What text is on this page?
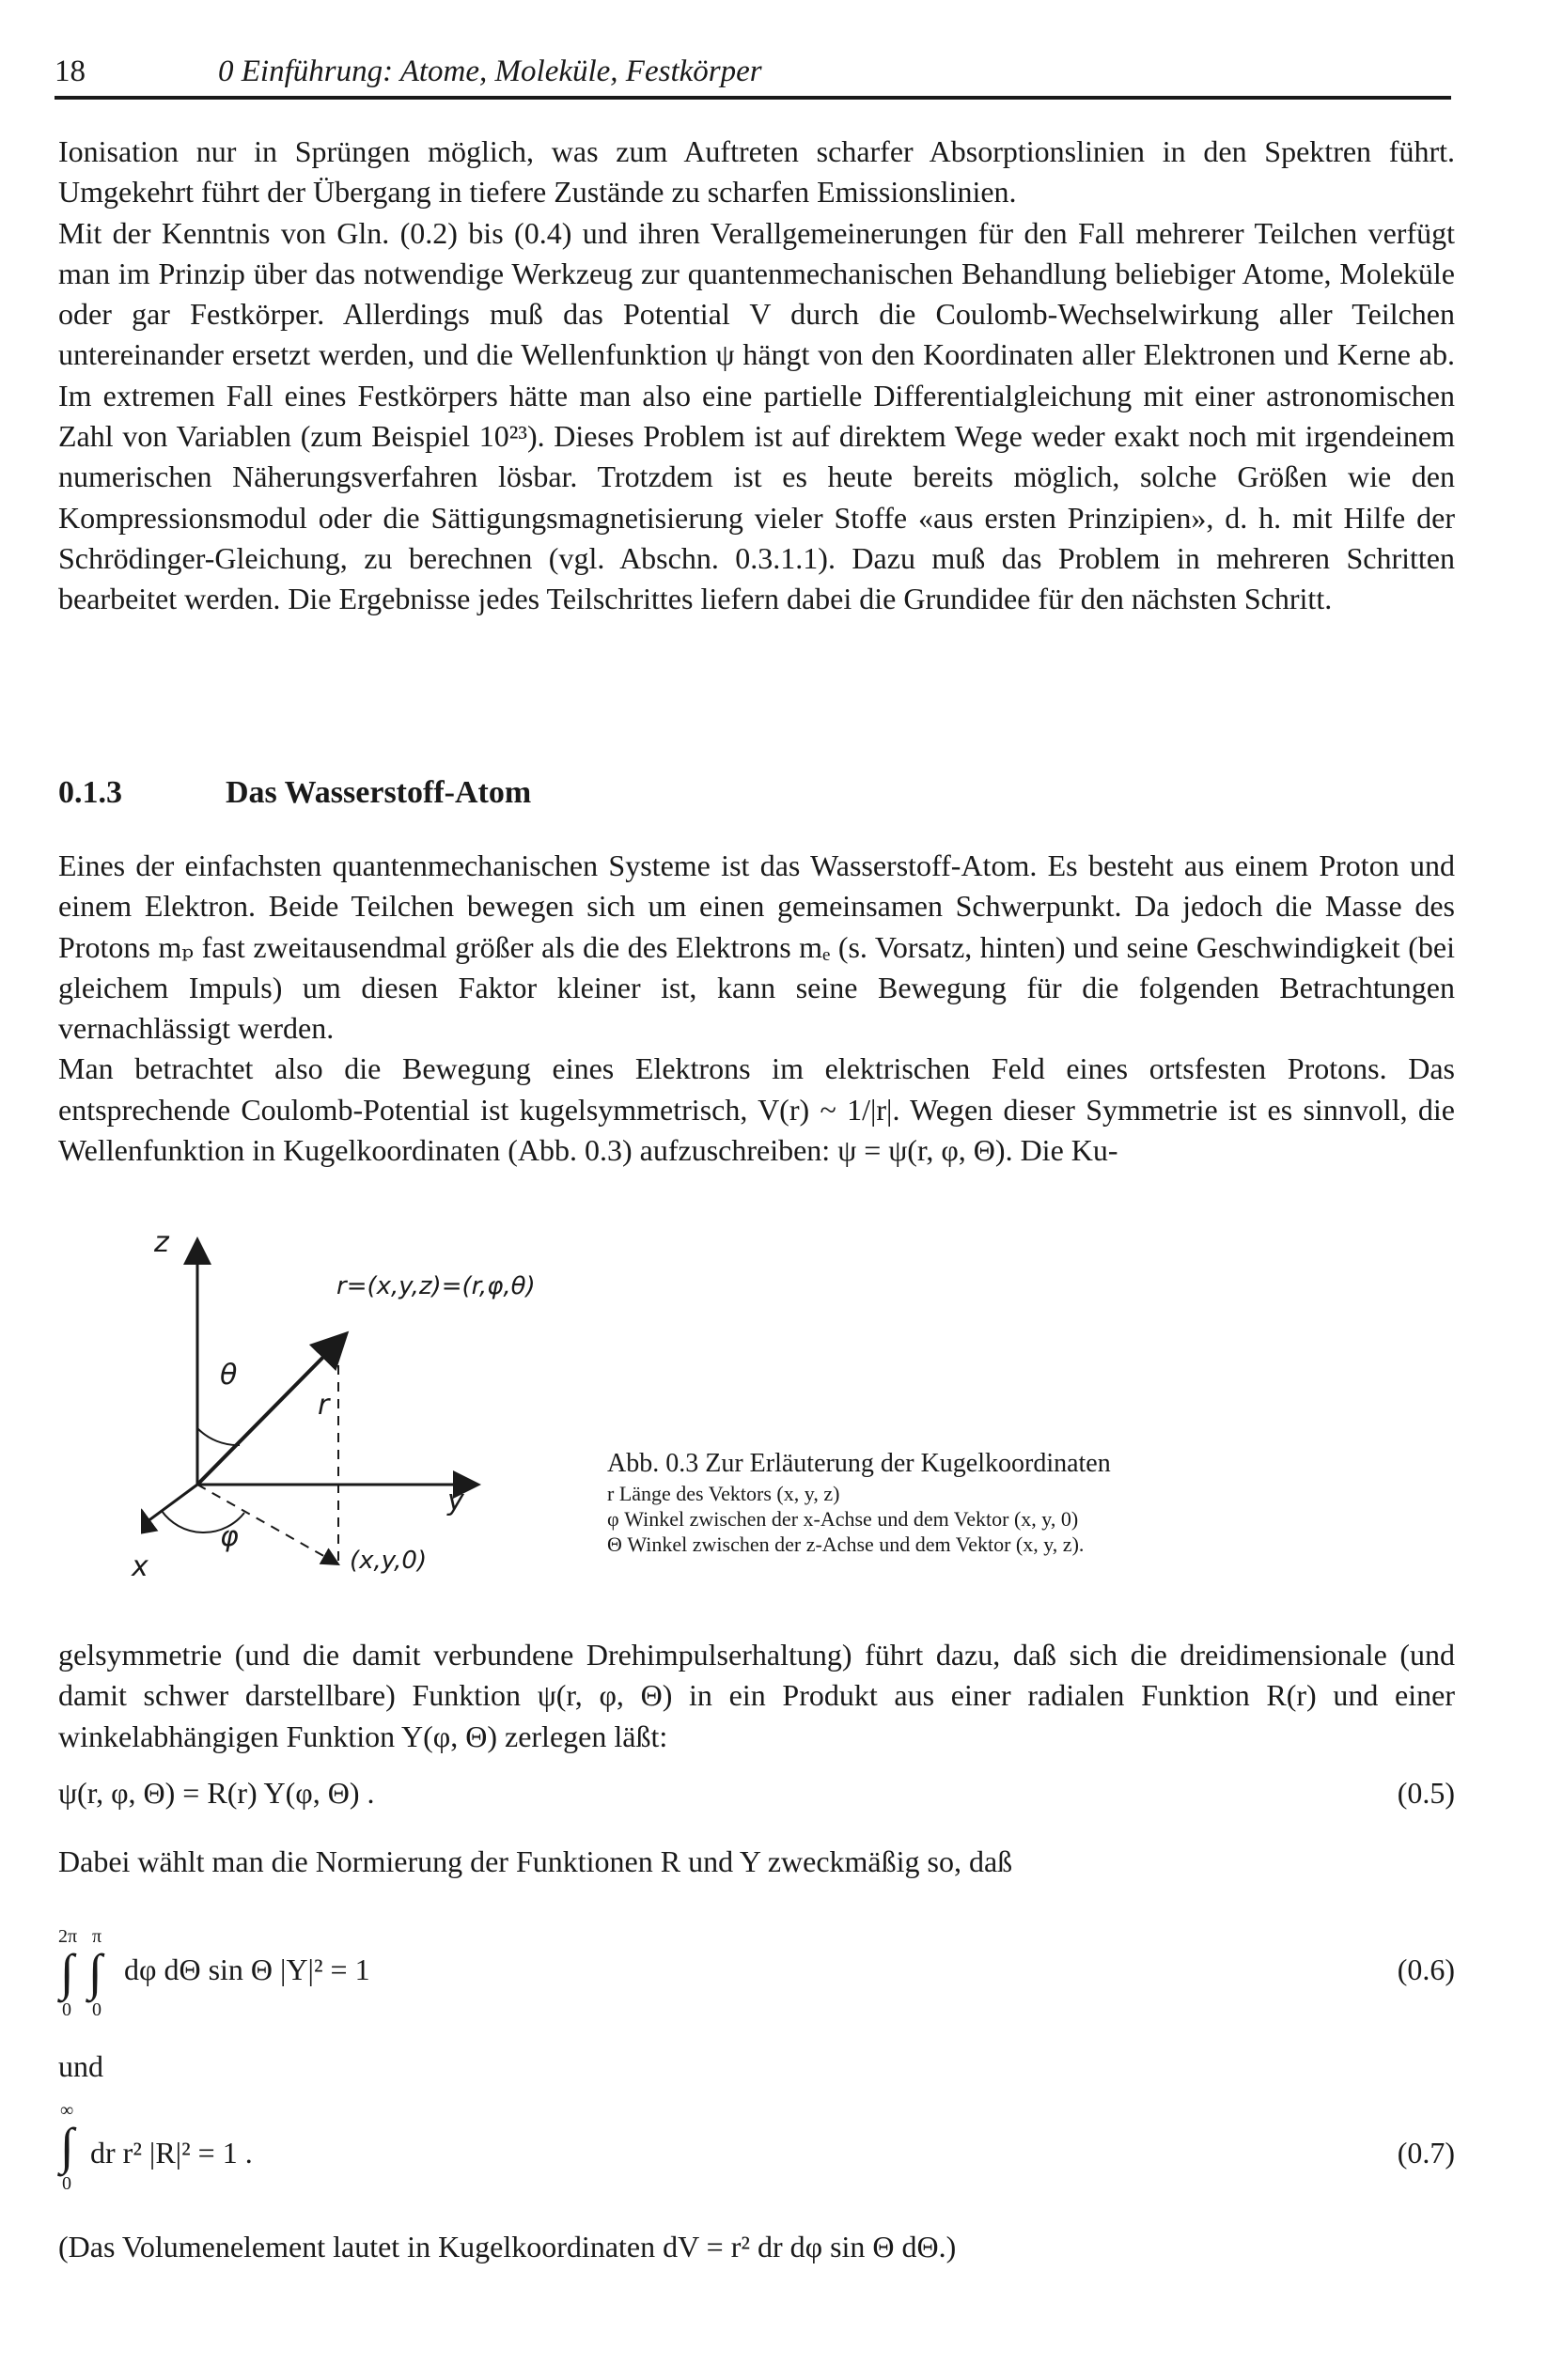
18	0 Einführung: Atome, Moleküle, Festkörper

Ionisation nur in Sprüngen möglich, was zum Auftreten scharfer Absorptionslinien in den Spektren führt. Umgekehrt führt der Übergang in tiefere Zustände zu scharfen Emissionslinien.

Mit der Kenntnis von Gln. (0.2) bis (0.4) und ihren Verallgemeinerungen für den Fall mehrerer Teilchen verfügt man im Prinzip über das notwendige Werkzeug zur quantenmechanischen Behandlung beliebiger Atome, Moleküle oder gar Festkörper. Allerdings muß das Potential V durch die Coulomb-Wechselwirkung aller Teilchen untereinander ersetzt werden, und die Wellenfunktion ψ hängt von den Koordinaten aller Elektronen und Kerne ab. Im extremen Fall eines Festkörpers hätte man also eine partielle Differentialgleichung mit einer astronomischen Zahl von Variablen (zum Beispiel 10²³). Dieses Problem ist auf direktem Wege weder exakt noch mit irgendeinem numerischen Näherungsverfahren lösbar. Trotzdem ist es heute bereits möglich, solche Größen wie den Kompressionsmodul oder die Sättigungsmagnetisierung vieler Stoffe «aus ersten Prinzipien», d. h. mit Hilfe der Schrödinger-Gleichung, zu berechnen (vgl. Abschn. 0.3.1.1). Dazu muß das Problem in mehreren Schritten bearbeitet werden. Die Ergebnisse jedes Teilschrittes liefern dabei die Grundidee für den nächsten Schritt.

0.1.3	Das Wasserstoff-Atom

Eines der einfachsten quantenmechanischen Systeme ist das Wasserstoff-Atom. Es besteht aus einem Proton und einem Elektron. Beide Teilchen bewegen sich um einen gemeinsamen Schwerpunkt. Da jedoch die Masse des Protons mₚ fast zweitausendmal größer als die des Elektrons mₑ (s. Vorsatz, hinten) und seine Geschwindigkeit (bei gleichem Impuls) um diesen Faktor kleiner ist, kann seine Bewegung für die folgenden Betrachtungen vernachlässigt werden.

Man betrachtet also die Bewegung eines Elektrons im elektrischen Feld eines ortsfesten Protons. Das entsprechende Coulomb-Potential ist kugelsymmetrisch, V(r) ~ 1/|r|. Wegen dieser Symmetrie ist es sinnvoll, die Wellenfunktion in Kugelkoordinaten (Abb. 0.3) aufzuschreiben: ψ = ψ(r, φ, Θ). Die Ku-

z
x
y
θ
φ
r
r=(x,y,z)=(r,φ,θ)
(x,y,0)
Abb. 0.3 Zur Erläuterung der Kugelkoordinaten
r Länge des Vektors (x, y, z)
φ Winkel zwischen der x-Achse und dem Vektor (x, y, 0)
Θ Winkel zwischen der z-Achse und dem Vektor (x, y, z).

gelsymmetrie (und die damit verbundene Drehimpulserhaltung) führt dazu, daß sich die dreidimensionale (und damit schwer darstellbare) Funktion ψ(r, φ, Θ) in ein Produkt aus einer radialen Funktion R(r) und einer winkelabhängigen Funktion Y(φ, Θ) zerlegen läßt:

ψ(r, φ, Θ) = R(r) Y(φ, Θ) .	(0.5)

Dabei wählt man die Normierung der Funktionen R und Y zweckmäßig so, daß

2π π
∫ ∫
0 0
dφ dΘ sin Θ |Y|² = 1	(0.6)

und

∞
∫
0
dr r² |R|² = 1 .	(0.7)

(Das Volumenelement lautet in Kugelkoordinaten dV = r² dr dφ sin Θ dΘ.)
